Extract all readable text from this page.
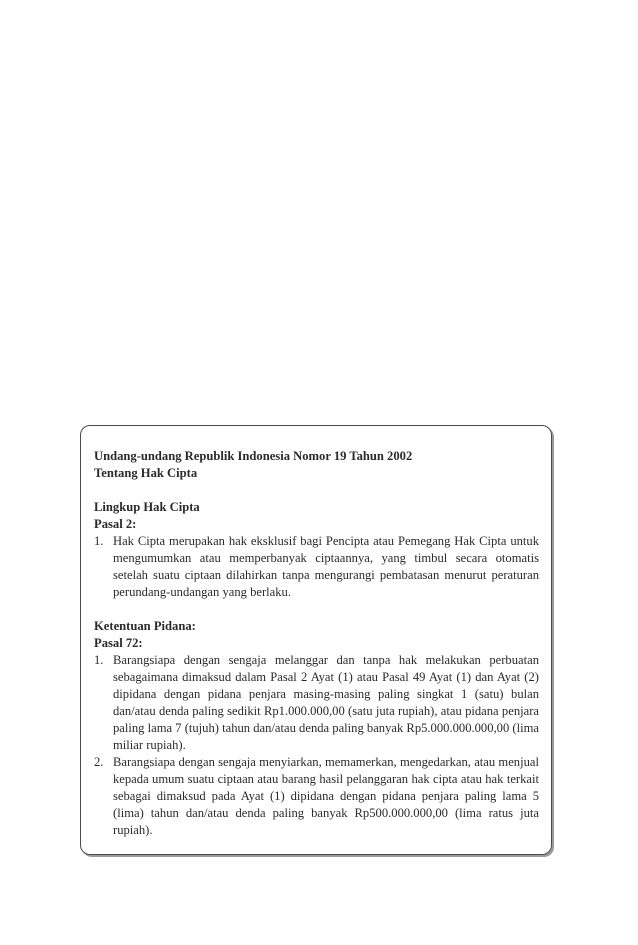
Undang-undang Republik Indonesia Nomor 19 Tahun 2002

Tentang Hak Cipta

Lingkup Hak Cipta

Pasal 2:

1. Hak Cipta merupakan hak eksklusif bagi Pencipta atau Pemegang Hak Cipta untuk mengumumkan atau memperbanyak ciptaannya, yang timbul secara otomatis setelah suatu ciptaan dilahirkan tanpa mengurangi pembatasan menurut peraturan perundang-undangan yang berlaku.

Ketentuan Pidana:

Pasal 72:

1. Barangsiapa dengan sengaja melanggar dan tanpa hak melakukan perbuatan sebagaimana dimaksud dalam Pasal 2 Ayat (1) atau Pasal 49 Ayat (1) dan Ayat (2) dipidana dengan pidana penjara masing-masing paling singkat 1 (satu) bulan dan/atau denda paling sedikit Rp1.000.000,00 (satu juta rupiah), atau pidana penjara paling lama 7 (tujuh) tahun dan/atau denda paling banyak Rp5.000.000.000,00 (lima miliar rupiah).
2. Barangsiapa dengan sengaja menyiarkan, memamerkan, mengedarkan, atau menjual kepada umum suatu ciptaan atau barang hasil pelanggaran hak cipta atau hak terkait sebagai dimaksud pada Ayat (1) dipidana dengan pidana penjara paling lama 5 (lima) tahun dan/atau denda paling banyak Rp500.000.000,00 (lima ratus juta rupiah).
